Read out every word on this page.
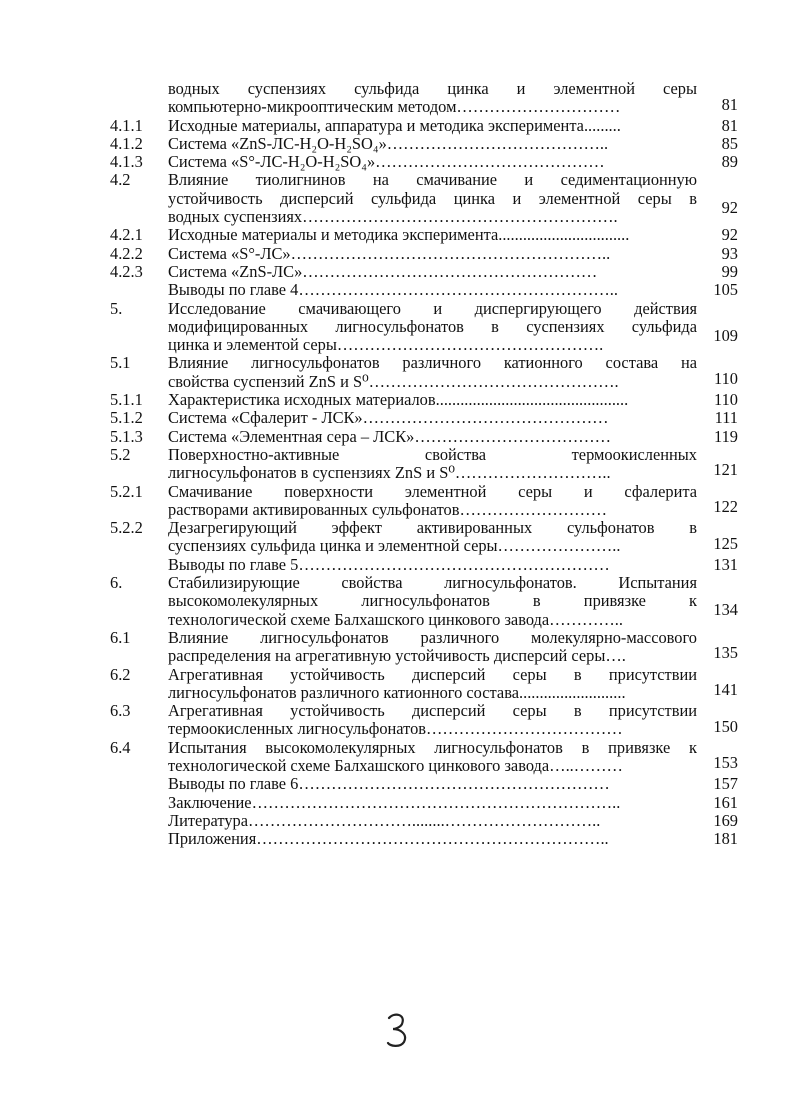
водных суспензиях сульфида цинка и элементной серы
компьютерно-микрооптическим методом…………………………	81
4.1.1	Исходные материалы, аппаратура и методика эксперимента.........	81
4.1.2	Система «ZnS-ЛС-H₂O-H₂SO₄»…………………………………..	85
4.1.3	Система «S°-ЛС-H₂O-H₂SO₄»……………………………………	89
4.2	Влияние тиолигнинов на смачивание и седиментационную
устойчивость дисперсий сульфида цинка и элементной серы в
водных суспензиях………………………………………………….	92
4.2.1	Исходные материалы и методика эксперимента................................	92
4.2.2	Система «S°-ЛС»…………………………………………………..	93
4.2.3	Система «ZnS-ЛС»………………………………………………	99
Выводы по главе 4…………………………………………………..	105
5.	Исследование смачивающего и диспергирующего действия
модифицированных лигносульфонатов в суспензиях сульфида
цинка и элементой серы………………………………………….	109
5.1	Влияние лигносульфонатов различного катионного состава на
свойства суспензий ZnS и S⁰……………………………………….	110
5.1.1	Характеристика исходных материалов...............................................	110
5.1.2	Система «Сфалерит - ЛСК»………………………………………	111
5.1.3	Система «Элементная сера – ЛСК»………………………………	119
5.2	Поверхностно-активные свойства термоокисленных
лигносульфонатов в суспензиях ZnS и S⁰………………………..	121
5.2.1	Смачивание поверхности элементной серы и сфалерита
растворами активированных сульфонатов………………………	122
5.2.2	Дезагрегирующий эффект активированных сульфонатов в
суспензиях сульфида цинка и элементной серы…………………..	125
Выводы по главе 5…………………………………………………	131
6.	Стабилизирующие свойства лигносульфонатов. Испытания
высокомолекулярных лигносульфонатов в привязке к
технологической схеме Балхашского цинкового завода…………..	134
6.1	Влияние лигносульфонатов различного молекулярно-массового
распределения на агрегативную устойчивость дисперсий серы….	135
6.2	Агрегативная устойчивость дисперсий серы в присутствии
лигносульфонатов различного катионного состава..........................	141
6.3	Агрегативная устойчивость дисперсий серы в присутствии
термоокисленных лигносульфонатов………………………………	150
6.4	Испытания высокомолекулярных лигносульфонатов в привязке к
технологической схеме Балхашского цинкового завода…..………	153
Выводы по главе 6…………………………………………………	157
Заключение…………………………………………………………..	161
Литература…………………………........………………………..	169
Приложения………………………………………………………..	181
3
